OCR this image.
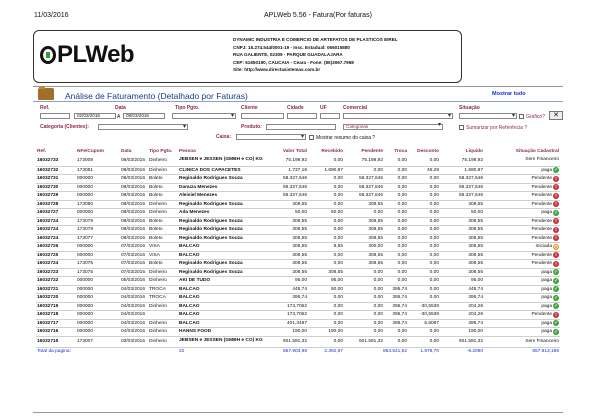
11/03/2016	APLWeb 5.56 - Fatura(Por faturas)
PLWeb
DYNAMIC INDUSTRIA E COMERCIO DE ARTEFATOS DE PLASTICOS EIREL
CNPJ: 15.274.544/0001-19 - Insc. Estadual: 066015880
RUA GALIENTE, 02309 - PARQUE GUADALAJARA
CEP: 61650190, CAUCAIA - Ceara - Fone: (85)3067.7968
Site: http://www.directasistemas.com.br
Análise de Faturamento (Detalhado por Faturas)	Mostrar tudo
Ref.	Data	Tipo Pgto.	Cliente	Cidade	UF	Comercial	Situação
02/03/2016	A	08/03/2016 ▾ ▾ ▾	Gráfico?	✕
Categoria (Clientes): ▾	Produto:	Categorias ▾	Sumarizar por Referência ?
Caixa: ▾	Mostrar resumo do caixa ?
Ref.	NFe/Cupom	Data	Tipo Pgto.	Pessoa	Valor Total	Recebido	Pendente	Troca	Desconto	Liquido	Situação Cadastral	
16032733	173008	06/03/2016	Dinheiro	JEBSEN e JESSEN (GMBH e CO) KG	75.198,92	0,00	75.198,92	0,00	0,00	75.198,92	Sem Financeiro	
16032732	173081	08/03/2016	Dinheiro	CLINICA DOS CAPACETES	1.737,16	1.690,87	0,00	0,00	46,29	1.690,87	paga ✓	
16032731	000000	08/03/2016	Boleto	Reginaldo Rodrigues Souza	58.327,646	0,00	58.327,646	0,00	0,00	58.327,646	Pendente !	
16032730	000000	08/03/2016	Boleto	Danuza Menezes	58.327,646	0,00	58.327,646	0,00	0,00	58.327,646	Pendente !	
16032729	000000	08/03/2016	Boleto	Aleisiel Menezes	58.327,646	0,00	58.327,646	0,00	0,00	58.327,646	Pendente !	
16032728	173080	08/03/2016	Dinheiro	Reginaldo Rodrigues Souza	308,55	0,00	308,55	0,00	0,00	308,55	Pendente !	
16032727	000000	08/03/2016	Dinheiro	Ada Menezes	50,00	50,00	0,00	0,00	0,00	50,00	paga ✓	
16032724	173079	08/03/2016	Boleto	Reginaldo Rodrigues Souza	308,55	0,00	308,55	0,00	0,00	308,55	Pendente !	
16032724	173078	08/03/2016	Boleto	Reginaldo Rodrigues Souza	308,55	0,00	308,55	0,00	0,00	308,55	Pendente !	
16032724	173077	08/03/2016	Boleto	Reginaldo Rodrigues Souza	308,55	0,00	308,55	0,00	0,00	308,55	Pendente !	
16032726	000000	07/03/2016	VISA	BALCAO	308,55	8,55	300,00	0,00	0,00	308,55	Iniciada ◷	
16032725	000000	07/03/2016	VISA	BALCAO	308,55	0,00	308,55	0,00	0,00	308,55	Pendente !	
16032724	173076	07/03/2016	Boleto	Reginaldo Rodrigues Souza	308,55	0,00	308,55	0,00	0,00	308,55	Pendente !	
16032723	173075	07/03/2016	Dinheiro	Reginaldo Rodrigues Souza	308,55	308,55	0,00	0,00	0,00	308,55	paga ✓	
16032722	000000	05/03/2016	Dinheiro	AKI DE TUDO	95,00	95,00	0,00	0,00	0,00	95,00	paga ✓	
16032721	000000	04/03/2016	TROCA	BALCAO	445,74	50,00	0,00	395,74	0,00	445,74	paga ✓	
16032720	000000	04/03/2016	TROCA	BALCAO	395,74	0,00	0,00	395,74	0,00	395,74	paga ✓	
16032719	000000	04/03/2016	Dinheiro	BALCAO	173,7062	0,00	0,00	395,74	-30,5538	204,26	paga ✓	
16032718	000000	04/03/2016		BALCAO	173,7062	0,00	0,00	395,74	-30,5538	204,26	Pendente !	
16032717	000000	04/03/2016	Dinheiro	BALCAO	401,3487	0,00	0,00	395,74	5,6087	395,74	paga ✓	
16032716	000000	04/03/2016	Dinheiro	HANNS FOOD	190,00	190,00	0,00	0,00	0,00	190,00	paga ✓	
16032715	173007	03/03/2016	Dinheiro	JEBSEN e JESSEN (GMBH e CO) KG	601.591,32	0,00	601.591,32	0,00	0,00	601.591,32	Sem Financeiro	
Total da pagina:				22	857.903,98	2.392,97	853.541,52		1.978,70	-9.2090	857.913,188	
